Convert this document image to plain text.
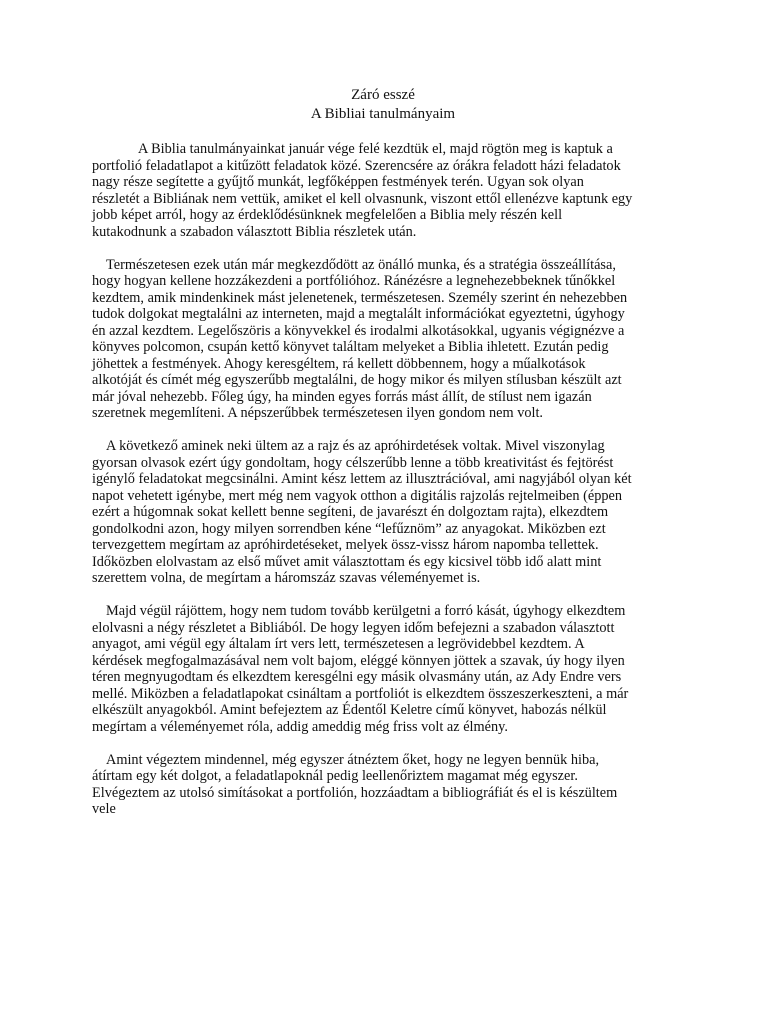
Záró esszé
A Bibliai tanulmányaim

A Biblia tanulmányainkat január vége felé kezdtük el, majd rögtön meg is kaptuk a
portfolió feladatlapot a kitűzött feladatok közé. Szerencsére az órákra feladott házi feladatok
nagy része segítette a gyűjtő munkát, legfőképpen festmények terén. Ugyan sok olyan
részletét a Bibliának nem vettük, amiket el kell olvasnunk, viszont ettől ellenézve kaptunk egy
jobb képet arról, hogy az érdeklődésünknek megfelelően a Biblia mely részén kell
kutakodnunk a szabadon választott Biblia részletek után.

Természetesen ezek után már megkezdődött az önálló munka, és a stratégia összeállítása,
hogy hogyan kellene hozzákezdeni a portfólióhoz. Ránézésre a legnehezebbeknek tűnőkkel
kezdtem, amik mindenkinek mást jelenetenek, természetesen. Személy szerint én nehezebben
tudok dolgokat megtalálni az interneten, majd a megtalált információkat egyeztetni, úgyhogy
én azzal kezdtem. Legelőszöris a könyvekkel és irodalmi alkotásokkal, ugyanis végignézve a
könyves polcomon, csupán kettő könyvet találtam melyeket a Biblia ihletett. Ezután pedig
jöhettek a festmények. Ahogy keresgéltem, rá kellett döbbennem, hogy a műalkotások
alkotóját és címét még egyszerűbb megtalálni, de hogy mikor és milyen stílusban készült azt
már jóval nehezebb. Főleg úgy, ha minden egyes forrás mást állít, de stílust nem igazán
szeretnek megemlíteni. A népszerűbbek természetesen ilyen gondom nem volt.

A következő aminek neki ültem az a rajz és az apróhirdetések voltak. Mivel viszonylag
gyorsan olvasok ezért úgy gondoltam, hogy célszerűbb lenne a több kreativitást és fejtörést
igénylő feladatokat megcsinálni. Amint kész lettem az illusztrációval, ami nagyjából olyan két
napot vehetett igénybe, mert még nem vagyok otthon a digitális rajzolás rejtelmeiben (éppen
ezért a húgomnak sokat kellett benne segíteni, de javarészt én dolgoztam rajta), elkezdtem
gondolkodni azon, hogy milyen sorrendben kéne “lefűznöm” az anyagokat. Miközben ezt
tervezgettem megírtam az apróhirdetéseket, melyek össz-vissz három napomba tellettek.
Időközben elolvastam az első művet amit választottam és egy kicsivel több idő alatt mint
szerettem volna, de megírtam a háromszáz szavas véleményemet is.

Majd végül rájöttem, hogy nem tudom tovább kerülgetni a forró kását, úgyhogy elkezdtem
elolvasni a négy részletet a Bibliából. De hogy legyen időm befejezni a szabadon választott
anyagot, ami végül egy általam írt vers lett, természetesen a legrövidebbel kezdtem. A
kérdések megfogalmazásával nem volt bajom, eléggé könnyen jöttek a szavak, úy hogy ilyen
téren megnyugodtam és elkezdtem keresgélni egy másik olvasmány után, az Ady Endre vers
mellé. Miközben a feladatlapokat csináltam a portfoliót is elkezdtem összeszerkeszteni, a már
elkészült anyagokból. Amint befejeztem az Édentől Keletre című könyvet, habozás nélkül
megírtam a véleményemet róla, addig ameddig még friss volt az élmény.

Amint végeztem mindennel, még egyszer átnéztem őket, hogy ne legyen bennük hiba,
átírtam egy két dolgot, a feladatlapoknál pedig leellenőriztem magamat még egyszer.
Elvégeztem az utolsó simításokat a portfolión, hozzáadtam a bibliográfiát és el is készültem
vele
